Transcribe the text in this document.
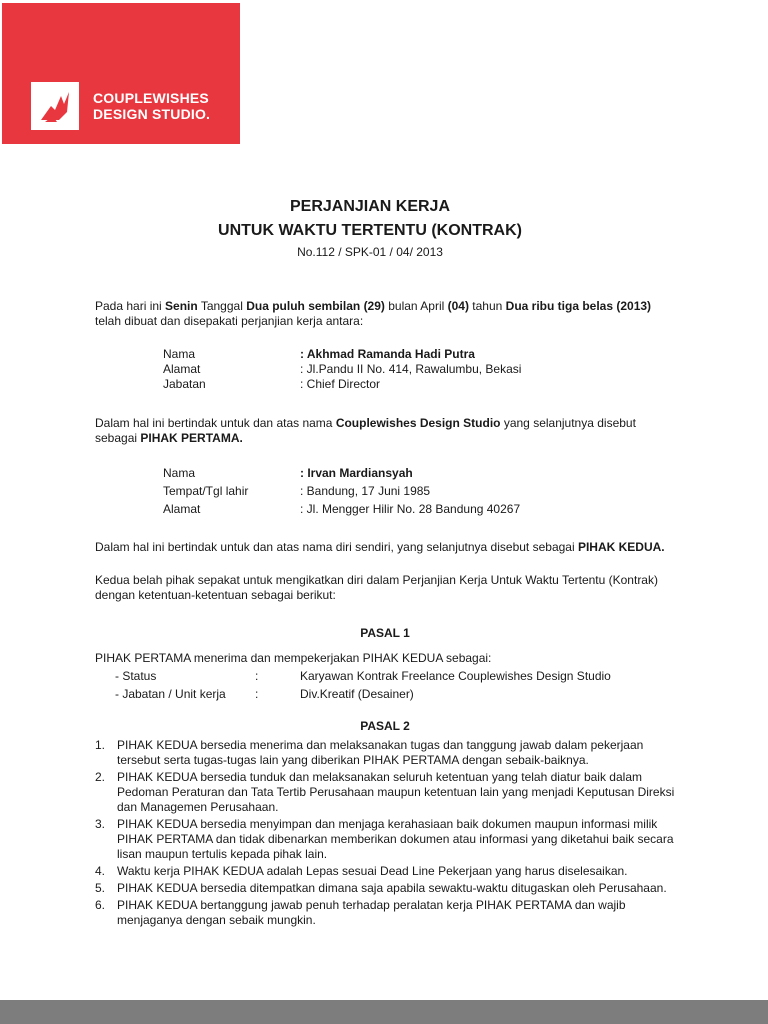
COUPLEWISHES
DESIGN STUDIO.
PERJANJIAN KERJA
UNTUK WAKTU TERTENTU (KONTRAK)
No.112 / SPK-01 / 04/ 2013
Pada hari ini Senin Tanggal Dua puluh sembilan (29) bulan April (04) tahun Dua ribu tiga belas (2013) telah dibuat dan disepakati perjanjian kerja antara:
Nama	: Akhmad Ramanda Hadi Putra
Alamat	: Jl.Pandu II No. 414, Rawalumbu, Bekasi
Jabatan	: Chief Director
Dalam hal ini bertindak untuk dan atas nama Couplewishes Design Studio yang selanjutnya disebut sebagai PIHAK PERTAMA.
Nama	: Irvan Mardiansyah
Tempat/Tgl lahir	: Bandung, 17 Juni 1985
Alamat	: Jl. Mengger Hilir No. 28 Bandung 40267
Dalam hal ini bertindak untuk dan atas nama diri sendiri, yang selanjutnya disebut sebagai PIHAK KEDUA.
Kedua belah pihak sepakat untuk mengikatkan diri dalam Perjanjian Kerja Untuk Waktu Tertentu (Kontrak) dengan ketentuan-ketentuan sebagai berikut:
PASAL 1
PIHAK PERTAMA menerima dan mempekerjakan PIHAK KEDUA sebagai:
- Status	:	Karyawan Kontrak Freelance Couplewishes Design Studio
- Jabatan / Unit kerja :	Div.Kreatif (Desainer)
PASAL 2
1. PIHAK KEDUA bersedia menerima dan melaksanakan tugas dan tanggung jawab dalam pekerjaan tersebut serta tugas-tugas lain yang diberikan PIHAK PERTAMA dengan sebaik-baiknya.
2. PIHAK KEDUA bersedia tunduk dan melaksanakan seluruh ketentuan yang telah diatur baik dalam Pedoman Peraturan dan Tata Tertib Perusahaan maupun ketentuan lain yang menjadi Keputusan Direksi dan Managemen Perusahaan.
3. PIHAK KEDUA bersedia menyimpan dan menjaga kerahasiaan baik dokumen maupun informasi milik PIHAK PERTAMA dan tidak dibenarkan memberikan dokumen atau informasi yang diketahui baik secara lisan maupun tertulis kepada pihak lain.
4. Waktu kerja PIHAK KEDUA adalah Lepas sesuai Dead Line Pekerjaan yang harus diselesaikan.
5. PIHAK KEDUA bersedia ditempatkan dimana saja apabila sewaktu-waktu ditugaskan oleh Perusahaan.
6. PIHAK KEDUA bertanggung jawab penuh terhadap peralatan kerja PIHAK PERTAMA dan wajib menjaganya dengan sebaik mungkin.
